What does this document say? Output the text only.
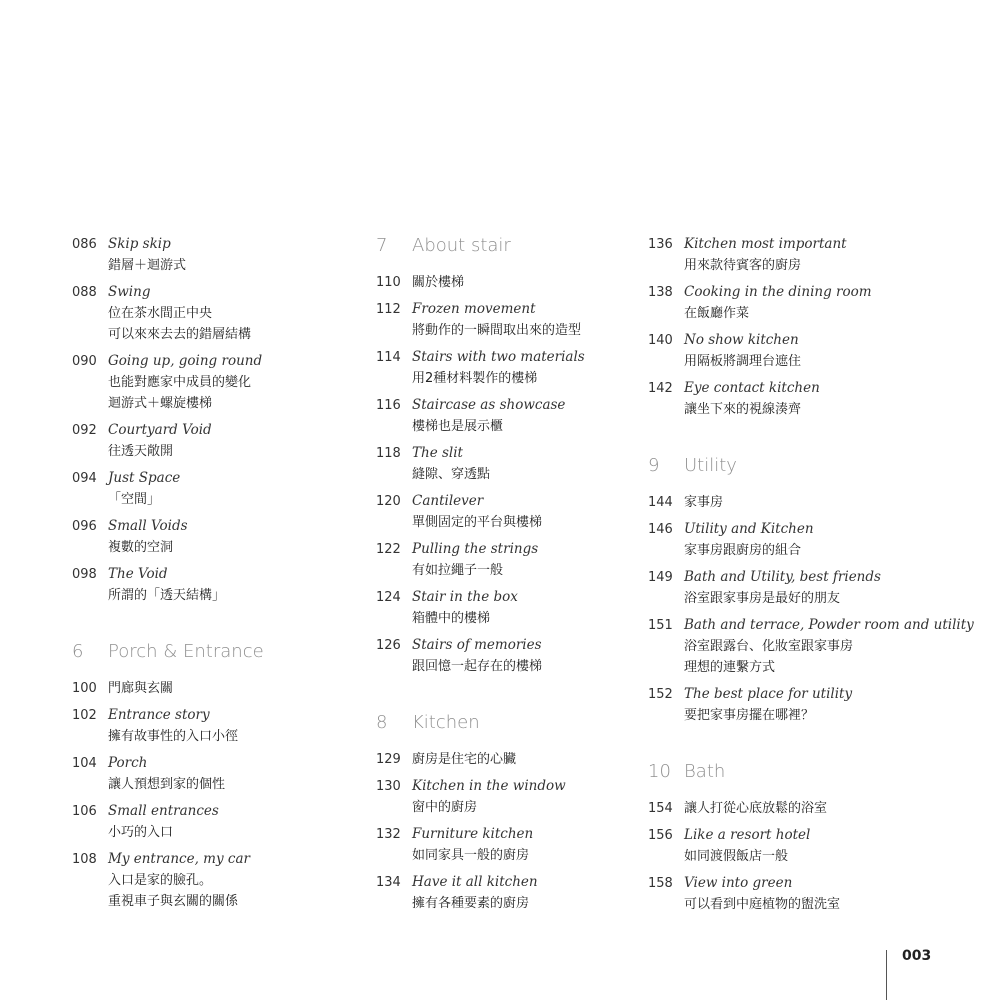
086 Skip skip
錯層＋迴游式
088 Swing
位在茶水間正中央
可以來來去去的錯層結構
090 Going up, going round
也能對應家中成員的變化
迴游式＋螺旋樓梯
092 Courtyard Void
往透天敞開
094 Just Space
「空間」
096 Small Voids
複數的空洞
098 The Void
所謂的「透天結構」
6 Porch & Entrance
100 門廊與玄關
102 Entrance story
擁有故事性的入口小徑
104 Porch
讓人預想到家的個性
106 Small entrances
小巧的入口
108 My entrance, my car
入口是家的臉孔。
重視車子與玄關的關係
7 About stair
110 關於樓梯
112 Frozen movement
將動作的一瞬間取出來的造型
114 Stairs with two materials
用2種材料製作的樓梯
116 Staircase as showcase
樓梯也是展示櫃
118 The slit
縫隙、穿透點
120 Cantilever
單側固定的平台與樓梯
122 Pulling the strings
有如拉繩子一般
124 Stair in the box
箱體中的樓梯
126 Stairs of memories
跟回憶一起存在的樓梯
8 Kitchen
129 廚房是住宅的心臟
130 Kitchen in the window
窗中的廚房
132 Furniture kitchen
如同家具一般的廚房
134 Have it all kitchen
擁有各種要素的廚房
136 Kitchen most important
用來款待賓客的廚房
138 Cooking in the dining room
在飯廳作菜
140 No show kitchen
用隔板將調理台遮住
142 Eye contact kitchen
讓坐下來的視線湊齊
9 Utility
144 家事房
146 Utility and Kitchen
家事房跟廚房的組合
149 Bath and Utility, best friends
浴室跟家事房是最好的朋友
151 Bath and terrace, Powder room and utility
浴室跟露台、化妝室跟家事房
理想的連繫方式
152 The best place for utility
要把家事房擺在哪裡？
10 Bath
154 讓人打從心底放鬆的浴室
156 Like a resort hotel
如同渡假飯店一般
158 View into green
可以看到中庭植物的盥洗室
003
